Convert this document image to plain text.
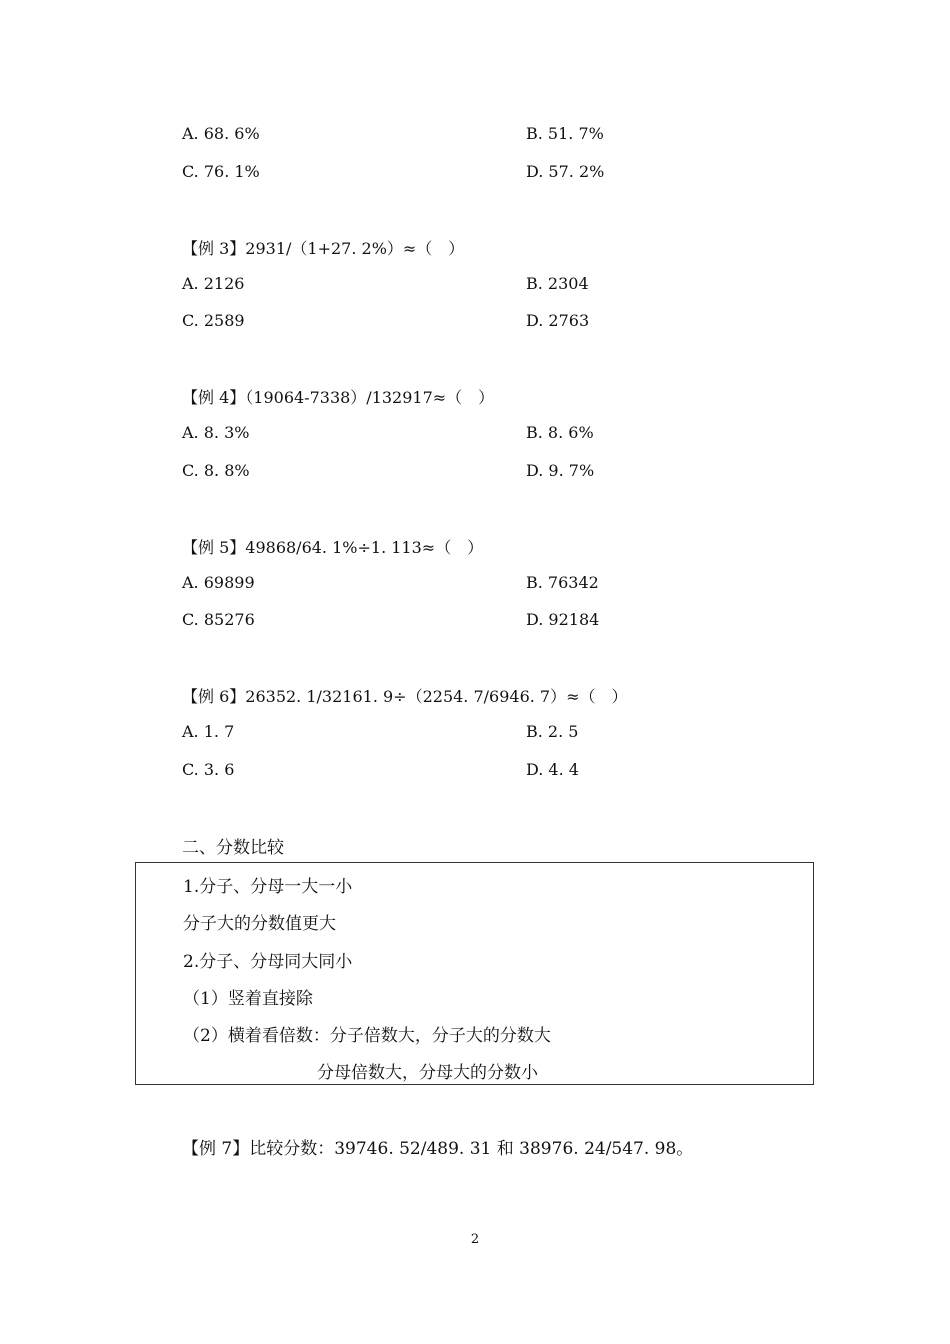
A. 68. 6%	B. 51. 7%
C. 76. 1%	D. 57. 2%
【例 3】2931/（1+27. 2%）≈（　）
A. 2126	B. 2304
C. 2589	D. 2763
【例 4】（19064-7338）/132917≈（　）
A. 8. 3%	B. 8. 6%
C. 8. 8%	D. 9. 7%
【例 5】49868/64. 1%÷1. 113≈（　）
A. 69899	B. 76342
C. 85276	D. 92184
【例 6】26352. 1/32161. 9÷（2254. 7/6946. 7）≈（　）
A. 1. 7	B. 2. 5
C. 3. 6	D. 4. 4
二、分数比较
1.分子、分母一大一小
分子大的分数值更大
2.分子、分母同大同小
（1）竖着直接除
（2）横着看倍数：分子倍数大，分子大的分数大
分母倍数大，分母大的分数小
【例 7】比较分数：39746. 52/489. 31 和 38976. 24/547. 98。
2
